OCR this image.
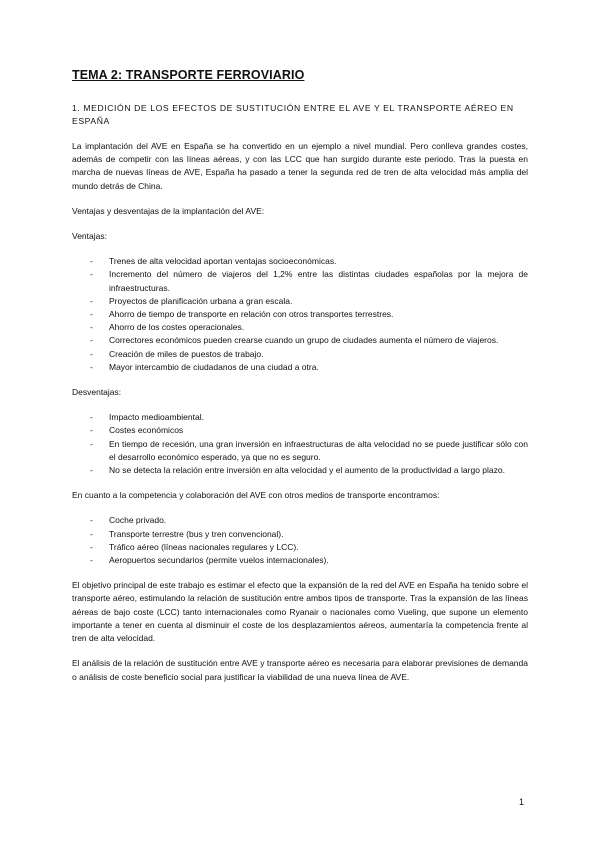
TEMA 2: TRANSPORTE FERROVIARIO
1. MEDICIÓN DE LOS EFECTOS DE SUSTITUCIÓN ENTRE EL AVE Y EL TRANSPORTE AÉREO EN ESPAÑA

La implantación del AVE en España se ha convertido en un ejemplo a nivel mundial. Pero conlleva grandes costes, además de competir con las líneas aéreas, y con las LCC que han surgido durante este periodo. Tras la puesta en marcha de nuevas líneas de AVE, España ha pasado a tener la segunda red de tren de alta velocidad más amplia del mundo detrás de China.

Ventajas y desventajas de la implantación del AVE:

Ventajas:

- Trenes de alta velocidad aportan ventajas socioeconómicas.
- Incremento del número de viajeros del 1,2% entre las distintas ciudades españolas por la mejora de infraestructuras.
- Proyectos de planificación urbana a gran escala.
- Ahorro de tiempo de transporte en relación con otros transportes terrestres.
- Ahorro de los costes operacionales.
- Correctores económicos pueden crearse cuando un grupo de ciudades aumenta el número de viajeros.
- Creación de miles de puestos de trabajo.
- Mayor intercambio de ciudadanos de una ciudad a otra.

Desventajas:

- Impacto medioambiental.
- Costes económicos
- En tiempo de recesión, una gran inversión en infraestructuras de alta velocidad no se puede justificar sólo con el desarrollo económico esperado, ya que no es seguro.
- No se detecta la relación entre inversión en alta velocidad y el aumento de la productividad a largo plazo.

En cuanto a la competencia y colaboración del AVE con otros medios de transporte encontramos:

- Coche privado.
- Transporte terrestre (bus y tren convencional).
- Tráfico aéreo (líneas nacionales regulares y LCC).
- Aeropuertos secundarios (permite vuelos internacionales).

El objetivo principal de este trabajo es estimar el efecto que la expansión de la red del AVE en España ha tenido sobre el transporte aéreo, estimulando la relación de sustitución entre ambos tipos de transporte. Tras la expansión de las líneas aéreas de bajo coste (LCC) tanto internacionales como Ryanair o nacionales como Vueling, que supone un elemento importante a tener en cuenta al disminuir el coste de los desplazamientos aéreos, aumentaría la competencia frente al tren de alta velocidad.

El análisis de la relación de sustitución entre AVE y transporte aéreo es necesaria para elaborar previsiones de demanda o análisis de coste beneficio social para justificar la viabilidad de una nueva línea de AVE.

1
